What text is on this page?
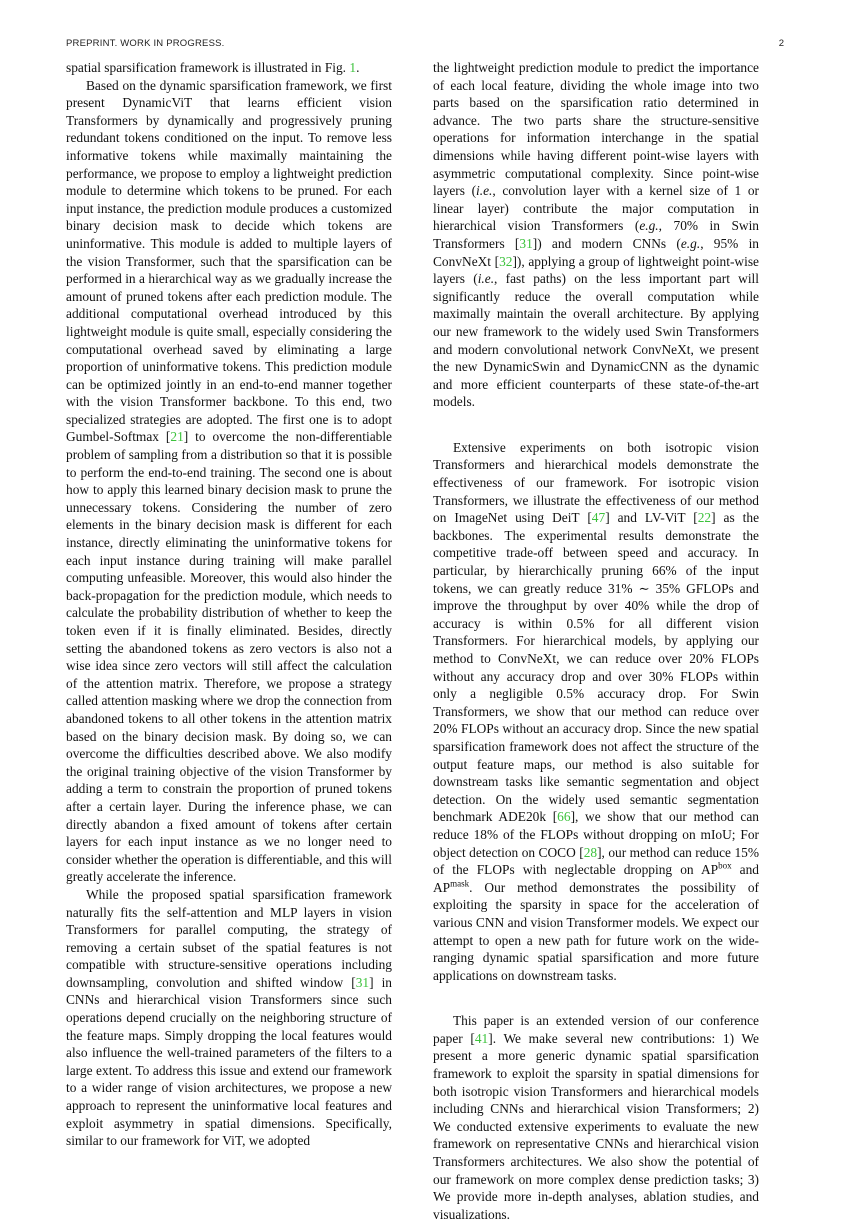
PREPRINT. WORK IN PROGRESS.	2

spatial sparsification framework is illustrated in Fig. 1.

Based on the dynamic sparsification framework, we first present DynamicViT that learns efficient vision Transformers by dynamically and progressively pruning redundant tokens conditioned on the input. To remove less informative tokens while maximally maintaining the performance, we propose to employ a lightweight prediction module to determine which tokens to be pruned. For each input instance, the prediction module produces a customized binary decision mask to decide which tokens are uninformative. This module is added to multiple layers of the vision Transformer, such that the sparsification can be performed in a hierarchical way as we gradually increase the amount of pruned tokens after each prediction module. The additional computational overhead introduced by this lightweight module is quite small, especially considering the computational overhead saved by eliminating a large proportion of uninformative tokens. This prediction module can be optimized jointly in an end-to-end manner together with the vision Transformer backbone. To this end, two specialized strategies are adopted. The first one is to adopt Gumbel-Softmax [21] to overcome the non-differentiable problem of sampling from a distribution so that it is possible to perform the end-to-end training. The second one is about how to apply this learned binary decision mask to prune the unnecessary tokens. Considering the number of zero elements in the binary decision mask is different for each instance, directly eliminating the uninformative tokens for each input instance during training will make parallel computing unfeasible. Moreover, this would also hinder the back-propagation for the prediction module, which needs to calculate the probability distribution of whether to keep the token even if it is finally eliminated. Besides, directly setting the abandoned tokens as zero vectors is also not a wise idea since zero vectors will still affect the calculation of the attention matrix. Therefore, we propose a strategy called attention masking where we drop the connection from abandoned tokens to all other tokens in the attention matrix based on the binary decision mask. By doing so, we can overcome the difficulties described above. We also modify the original training objective of the vision Transformer by adding a term to constrain the proportion of pruned tokens after a certain layer. During the inference phase, we can directly abandon a fixed amount of tokens after certain layers for each input instance as we no longer need to consider whether the operation is differentiable, and this will greatly accelerate the inference.

While the proposed spatial sparsification framework naturally fits the self-attention and MLP layers in vision Transformers for parallel computing, the strategy of removing a certain subset of the spatial features is not compatible with structure-sensitive operations including downsampling, convolution and shifted window [31] in CNNs and hierarchical vision Transformers since such operations depend crucially on the neighboring structure of the feature maps. Simply dropping the local features would also influence the well-trained parameters of the filters to a large extent. To address this issue and extend our framework to a wider range of vision architectures, we propose a new approach to represent the uninformative local features and exploit asymmetry in spatial dimensions. Specifically, similar to our framework for ViT, we adopted

the lightweight prediction module to predict the importance of each local feature, dividing the whole image into two parts based on the sparsification ratio determined in advance. The two parts share the structure-sensitive operations for information interchange in the spatial dimensions while having different point-wise layers with asymmetric computational complexity. Since point-wise layers (i.e., convolution layer with a kernel size of 1 or linear layer) contribute the major computation in hierarchical vision Transformers (e.g., 70% in Swin Transformers [31]) and modern CNNs (e.g., 95% in ConvNeXt [32]), applying a group of lightweight point-wise layers (i.e., fast paths) on the less important part will significantly reduce the overall computation while maximally maintain the overall architecture. By applying our new framework to the widely used Swin Transformers and modern convolutional network ConvNeXt, we present the new DynamicSwin and DynamicCNN as the dynamic and more efficient counterparts of these state-of-the-art models.

Extensive experiments on both isotropic vision Transformers and hierarchical models demonstrate the effectiveness of our framework. For isotropic vision Transformers, we illustrate the effectiveness of our method on ImageNet using DeiT [47] and LV-ViT [22] as the backbones. The experimental results demonstrate the competitive trade-off between speed and accuracy. In particular, by hierarchically pruning 66% of the input tokens, we can greatly reduce 31% ∼ 35% GFLOPs and improve the throughput by over 40% while the drop of accuracy is within 0.5% for all different vision Transformers. For hierarchical models, by applying our method to ConvNeXt, we can reduce over 20% FLOPs without any accuracy drop and over 30% FLOPs within only a negligible 0.5% accuracy drop. For Swin Transformers, we show that our method can reduce over 20% FLOPs without an accuracy drop. Since the new spatial sparsification framework does not affect the structure of the output feature maps, our method is also suitable for downstream tasks like semantic segmentation and object detection. On the widely used semantic segmentation benchmark ADE20k [66], we show that our method can reduce 18% of the FLOPs without dropping on mIoU; For object detection on COCO [28], our method can reduce 15% of the FLOPs with neglectable dropping on $AP^{box}$ and $AP^{mask}$. Our method demonstrates the possibility of exploiting the sparsity in space for the acceleration of various CNN and vision Transformer models. We expect our attempt to open a new path for future work on the wide-ranging dynamic spatial sparsification and more future applications on downstream tasks.

This paper is an extended version of our conference paper [41]. We make several new contributions: 1) We present a more generic dynamic spatial sparsification framework to exploit the sparsity in spatial dimensions for both isotropic vision Transformers and hierarchical models including CNNs and hierarchical vision Transformers; 2) We conducted extensive experiments to evaluate the new framework on representative CNNs and hierarchical vision Transformers architectures. We also show the potential of our framework on more complex dense prediction tasks; 3) We provide more in-depth analyses, ablation studies, and visualizations.
